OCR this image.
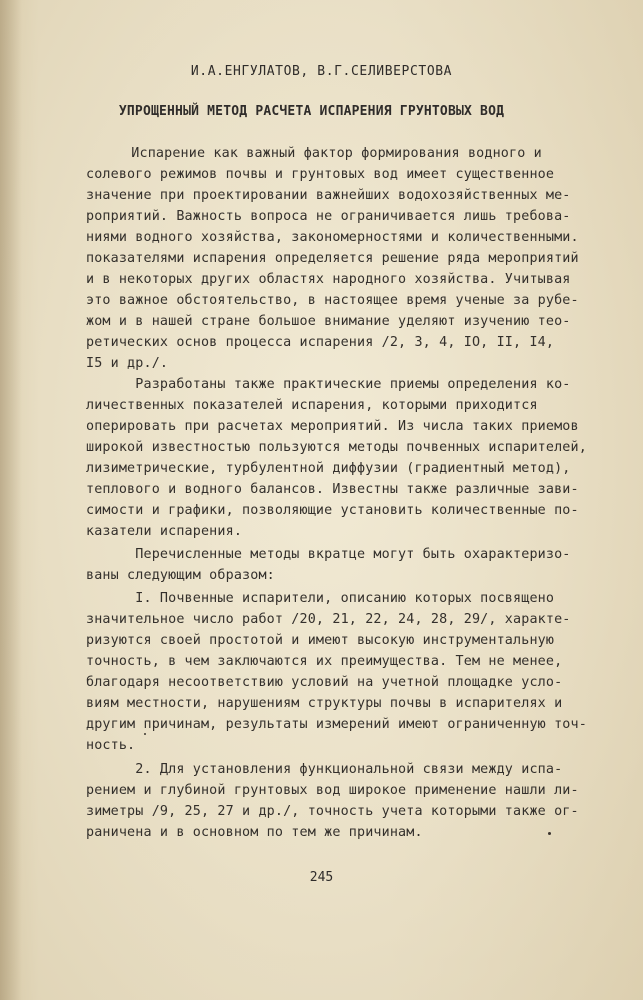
И.А.ЕНГУЛАТОВ, В.Г.СЕЛИВЕРСТОВА
УПРОЩЕННЫЙ МЕТОД РАСЧЕТА ИСПАРЕНИЯ ГРУНТОВЫХ ВОД
Испарение как важный фактор формирования водного и
солевого режимов почвы и грунтовых вод имеет существенное
значение при проектировании важнейших водохозяйственных ме-
роприятий. Важность вопроса не ограничивается лишь требова-
ниями водного хозяйства, закономерностями и количественными.
показателями испарения определяется решение ряда мероприятий
и в некоторых других областях народного хозяйства. Учитывая
это важное обстоятельство, в настоящее время ученые за рубе-
жом и в нашей стране большое внимание уделяют изучению тео-
ретических основ процесса испарения /2, 3, 4, IO, II, I4,
I5 и др./.
Разработаны также практические приемы определения ко-
личественных показателей испарения, которыми приходится
оперировать при расчетах мероприятий. Из числа таких приемов
широкой известностью пользуются методы почвенных испарителей,
лизиметрические, турбулентной диффузии (градиентный метод),
теплового и водного балансов. Известны также различные зави-
симости и графики, позволяющие установить количественные по-
казатели испарения.
Перечисленные методы вкратце могут быть охарактеризо-
ваны следующим образом:
I. Почвенные испарители, описанию которых посвящено
значительное число работ /20, 21, 22, 24, 28, 29/, характе-
ризуются своей простотой и имеют высокую инструментальную
точность, в чем заключаются их преимущества. Тем не менее,
благодаря несоответствию условий на учетной площадке усло-
виям местности, нарушениям структуры почвы в испарителях и
другим причинам, результаты измерений имеют ограниченную точ-
ность.
2. Для установления функциональной связи между испа-
рением и глубиной грунтовых вод широкое применение нашли ли-
зиметры /9, 25, 27 и др./, точность учета которыми также ог-
раничена и в основном по тем же причинам.
245
